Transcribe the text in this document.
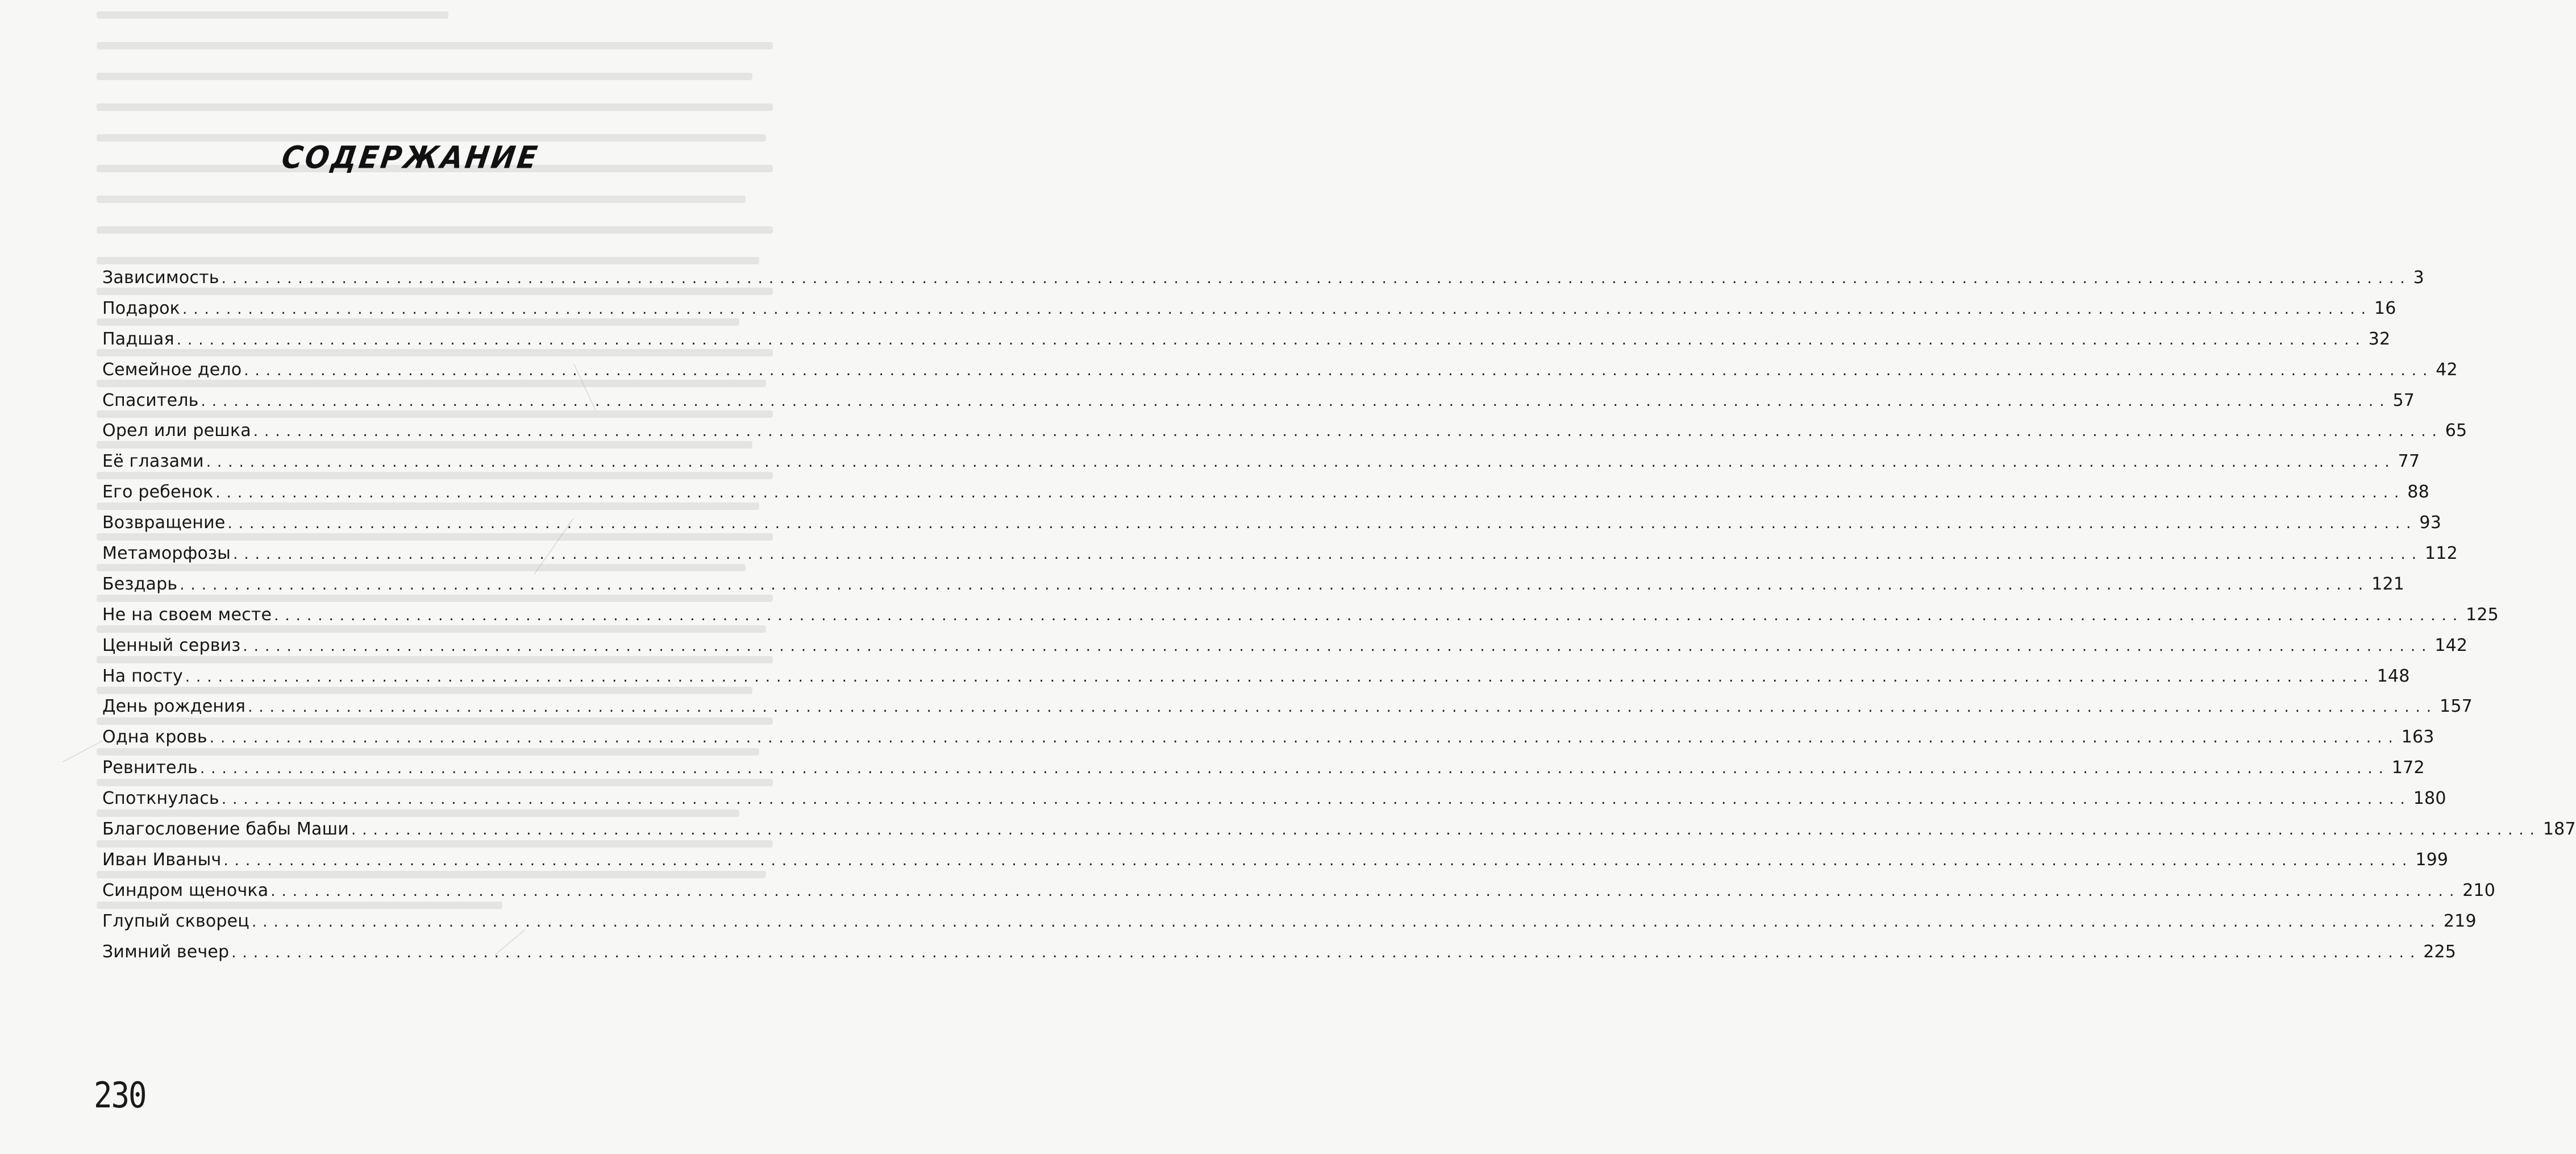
СОДЕРЖАНИЕ
Зависимость ........................................................................................................................................................................................................ 3
Подарок ........................................................................................................................................................................................................ 16
Падшая ........................................................................................................................................................................................................ 32
Семейное дело ........................................................................................................................................................................................................ 42
Спаситель ........................................................................................................................................................................................................ 57
Орел или решка ........................................................................................................................................................................................................ 65
Её глазами ........................................................................................................................................................................................................ 77
Его ребенок ........................................................................................................................................................................................................ 88
Возвращение ........................................................................................................................................................................................................ 93
Метаморфозы ........................................................................................................................................................................................................ 112
Бездарь ........................................................................................................................................................................................................ 121
Не на своем месте ........................................................................................................................................................................................................ 125
Ценный сервиз ........................................................................................................................................................................................................ 142
На посту ........................................................................................................................................................................................................ 148
День рождения ........................................................................................................................................................................................................ 157
Одна кровь ........................................................................................................................................................................................................ 163
Ревнитель ........................................................................................................................................................................................................ 172
Споткнулась ........................................................................................................................................................................................................ 180
Благословение бабы Маши ........................................................................................................................................................................................................ 187
Иван Иваныч ........................................................................................................................................................................................................ 199
Синдром щеночка ........................................................................................................................................................................................................ 210
Глупый скворец ........................................................................................................................................................................................................ 219
Зимний вечер ........................................................................................................................................................................................................ 225
230
